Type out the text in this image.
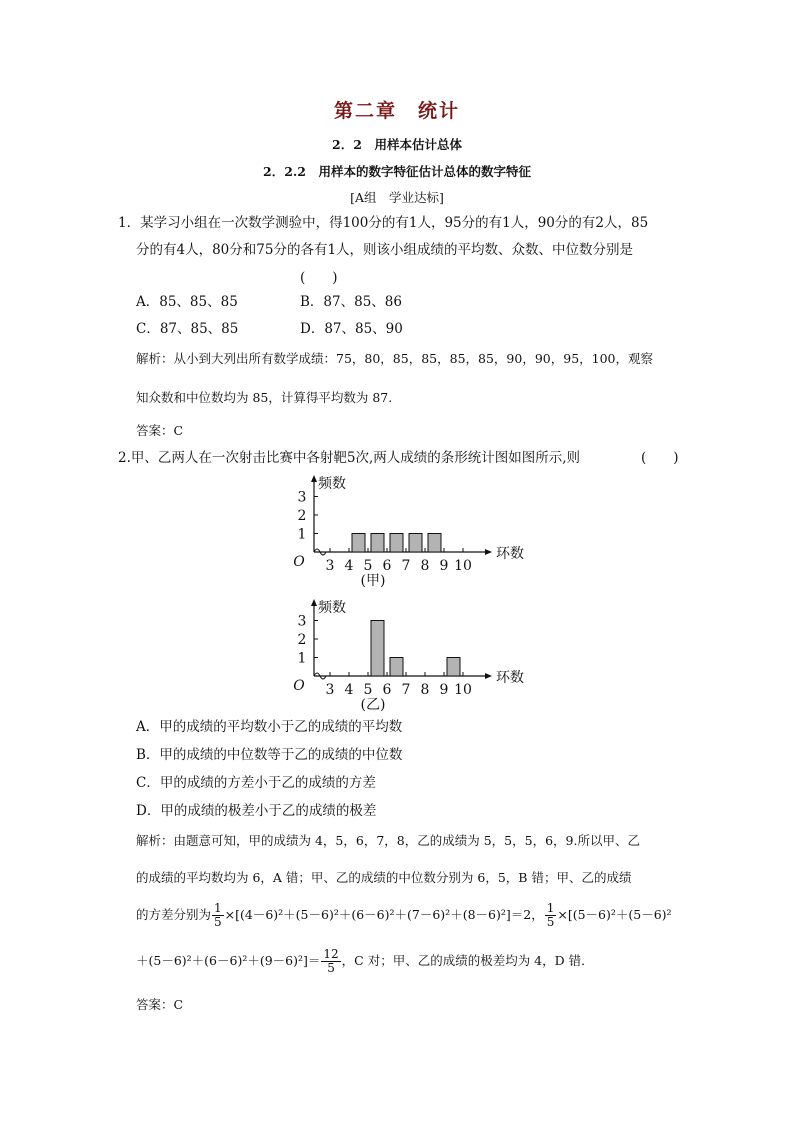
第二章　统计
2．2　用样本估计总体
2．2.2　用样本的数字特征估计总体的数字特征
[A组　学业达标]
1．某学习小组在一次数学测验中，得100分的有1人，95分的有1人，90分的有2人，85
分的有4人，80分和75分的各有1人，则该小组成绩的平均数、众数、中位数分别是
(　　)
A．85、85、85	B．87、85、86
C．87、85、85	D．87、85、90
解析：从小到大列出所有数学成绩：75，80，85，85，85，85，90，90，95，100，观察
知众数和中位数均为 85，计算得平均数为 87.
答案：C
2.甲、乙两人在一次射击比赛中各射靶5次,两人成绩的条形统计图如图所示,则	(　　)
1
2
3
3 4 5 6 7 8 9 10
频数
O	环数
(甲)
1
2
3
3 4 5 6 7 8 9 10
频数
O	环数
(乙)
A．甲的成绩的平均数小于乙的成绩的平均数
B．甲的成绩的中位数等于乙的成绩的中位数
C．甲的成绩的方差小于乙的成绩的方差
D．甲的成绩的极差小于乙的成绩的极差
解析：由题意可知，甲的成绩为 4，5，6，7，8，乙的成绩为 5，5，5，6，9.所以甲、乙
的成绩的平均数均为 6，A 错；甲、乙的成绩的中位数分别为 6，5，B 错；甲、乙的成绩
的方差分别为 $\frac{1}{5} \times[(4-6)^2+(5-6)^2+(6-6)^2+(7-6)^2+(8-6)^2]=2$， $\frac{1}{5} \times[(5-6)^2+(5-6)^2$
$+(5-6)^2+(6-6)^2+(9-6)^2]= \frac{12}{5}$ ，C 对；甲、乙的成绩的极差均为 4，D 错．
答案：C
